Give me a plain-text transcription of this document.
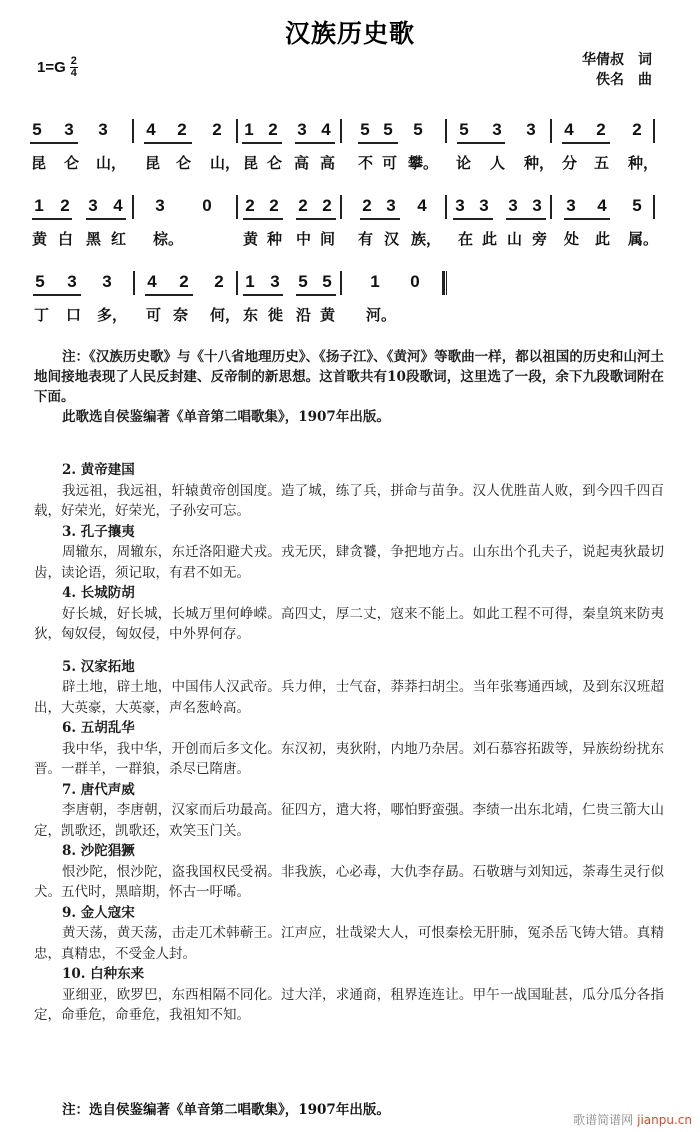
汉族历史歌
$1=G \frac{2}{4}$	华倩叔 词
佚名 曲
5 3 3 4 2 2 1 2 3 4 5 5 5 5 3 3 4 2 2
昆 仑 山， 昆 仑 山， 昆 仑 高 高 不 可 攀。 论 人 种， 分 五 种，
1 2 3 4 3 0 2 2 2 2 2 3 4 3 3 3 3 3 4 5
黄 白 黑 红 棕。	黄 种 中 间 有 汉 族， 在 此 山 旁 处 此 属。
5 3 3 4 2 2 1 3 5 5 1 0
丁 口 多， 可 奈 何， 东 徙 沿 黄 河。

注：《汉族历史歌》与《十八省地理历史》、《扬子江》、《黄河》等歌曲一样，都以祖国的历史和山河土地间接地表现了人民反封建、反帝制的新思想。这首歌共有10段歌词，这里选了一段，余下九段歌词附在下面。

此歌选自侯鉴编著《单音第二唱歌集》，1907年出版。

2. 黄帝建国

我远祖，我远祖，轩辕黄帝创国度。造了城，练了兵，拼命与苗争。汉人优胜苗人败，到今四千四百载，好荣光，好荣光，子孙安可忘。

3. 孔子攘夷

周辙东，周辙东，东迁洛阳避犬戎。戎无厌，肆贪饕，争把地方占。山东出个孔夫子，说起夷狄最切齿，读论语，须记取，有君不如无。

4. 长城防胡

好长城，好长城，长城万里何峥嵘。高四丈，厚二丈，寇来不能上。如此工程不可得，秦皇筑来防夷狄，匈奴侵，匈奴侵，中外界何存。

5. 汉家拓地

辟土地，辟土地，中国伟人汉武帝。兵力伸，士气奋，莽莽扫胡尘。当年张骞通西域，及到东汉班超出，大英豪，大英豪，声名葱岭高。

6. 五胡乱华

我中华，我中华，开创而后多文化。东汉初，夷狄附，内地乃杂居。刘石慕容拓跋等，异族纷纷扰东晋。一群羊，一群狼，杀尽已隋唐。

7. 唐代声威

李唐朝，李唐朝，汉家而后功最高。征四方，遣大将，哪怕野蛮强。李绩一出东北靖，仁贵三箭大山定，凯歌还，凯歌还，欢笑玉门关。

8. 沙陀猖獗

恨沙陀，恨沙陀，盗我国权民受祸。非我族，心必毒，大仇李存勗。石敬瑭与刘知远，荼毒生灵行似犬。五代时，黑暗期，怀古一吁唏。

9. 金人寇宋

黄天荡，黄天荡，击走兀术韩蕲王。江声应，壮哉梁大人，可恨秦桧无肝肺，冤杀岳飞铸大错。真精忠，真精忠，不受金人封。

10. 白种东来

亚细亚，欧罗巴，东西相隔不同化。过大洋，求通商，租界连连让。甲午一战国耻甚，瓜分瓜分各指定，命垂危，命垂危，我祖知不知。

注：选自侯鉴编著《单音第二唱歌集》，1907年出版。
歌谱简谱网 jianpu.cn
